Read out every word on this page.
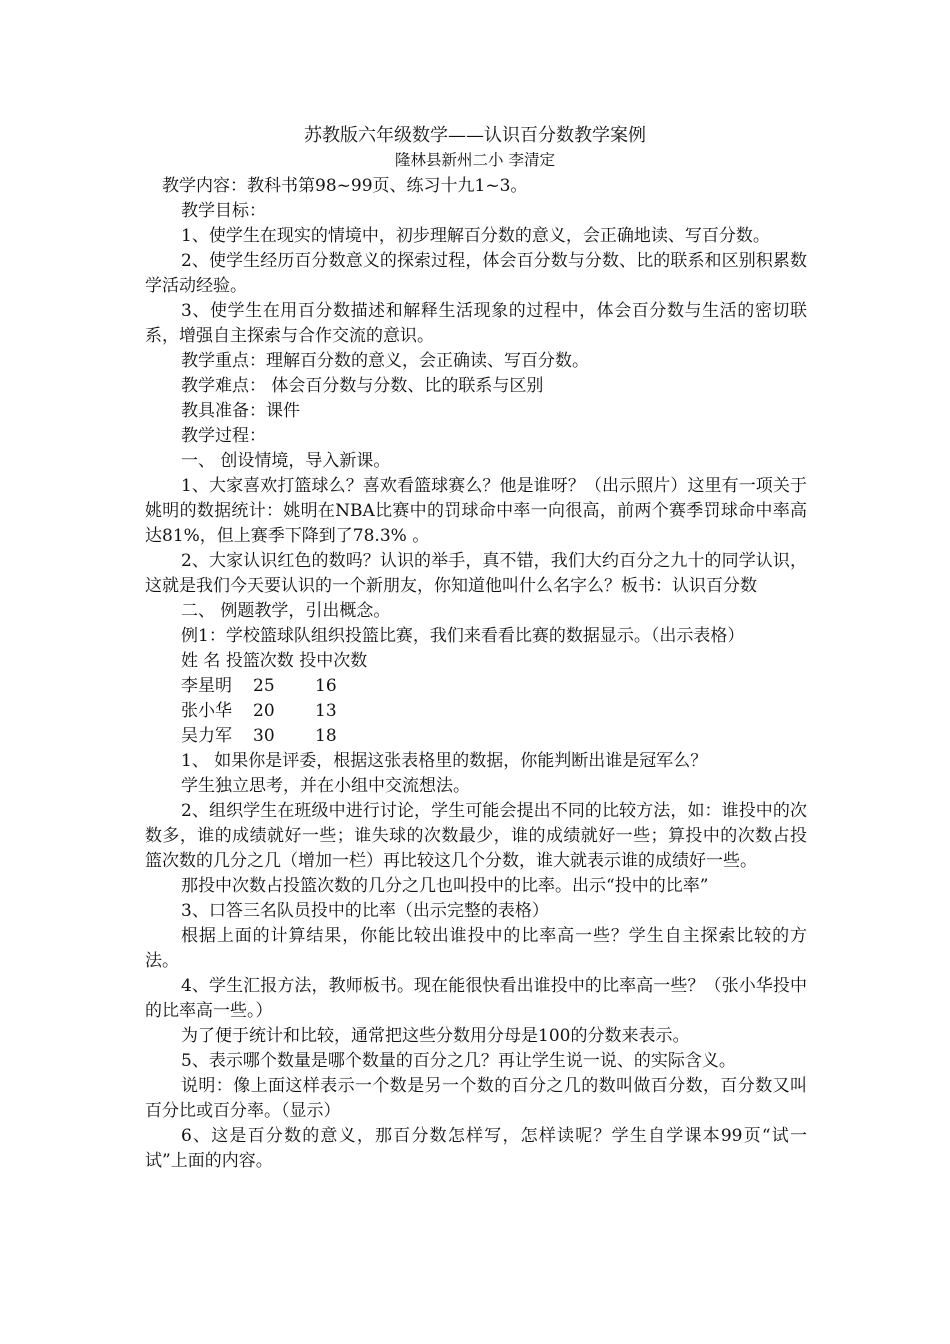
苏教版六年级数学——认识百分数教学案例
隆林县新州二小 李清定

教学内容：教科书第98~99页、练习十九1~3。

教学目标：

1、使学生在现实的情境中，初步理解百分数的意义，会正确地读、写百分数。

2、使学生经历百分数意义的探索过程，体会百分数与分数、比的联系和区别积累数学活动经验。

3、使学生在用百分数描述和解释生活现象的过程中，体会百分数与生活的密切联系，增强自主探索与合作交流的意识。

教学重点：理解百分数的意义，会正确读、写百分数。

教学难点： 体会百分数与分数、比的联系与区别

教具准备：课件

教学过程：

一、 创设情境，导入新课。

1、大家喜欢打篮球么？喜欢看篮球赛么？他是谁呀？（出示照片）这里有一项关于姚明的数据统计：姚明在NBA比赛中的罚球命中率一向很高，前两个赛季罚球命中率高达81%，但上赛季下降到了78.3% 。

2、大家认识红色的数吗？认识的举手，真不错，我们大约百分之九十的同学认识，这就是我们今天要认识的一个新朋友，你知道他叫什么名字么？板书：认识百分数

二、 例题教学，引出概念。

例1：学校篮球队组织投篮比赛，我们来看看比赛的数据显示。（出示表格）

姓 名 投篮次数 投中次数
李星明 25 16
张小华 20 13
吴力军 30 18

1、 如果你是评委，根据这张表格里的数据，你能判断出谁是冠军么？

学生独立思考，并在小组中交流想法。

2、组织学生在班级中进行讨论，学生可能会提出不同的比较方法，如：谁投中的次数多，谁的成绩就好一些；谁失球的次数最少，谁的成绩就好一些；算投中的次数占投篮次数的几分之几（增加一栏）再比较这几个分数，谁大就表示谁的成绩好一些。

那投中次数占投篮次数的几分之几也叫投中的比率。出示“投中的比率”

3、口答三名队员投中的比率（出示完整的表格）

根据上面的计算结果，你能比较出谁投中的比率高一些？学生自主探索比较的方法。

4、学生汇报方法，教师板书。现在能很快看出谁投中的比率高一些？（张小华投中的比率高一些。）

为了便于统计和比较，通常把这些分数用分母是100的分数来表示。

5、表示哪个数量是哪个数量的百分之几？再让学生说一说、的实际含义。

说明：像上面这样表示一个数是另一个数的百分之几的数叫做百分数，百分数又叫百分比或百分率。（显示）

6、这是百分数的意义，那百分数怎样写，怎样读呢？学生自学课本99页“试一试”上面的内容。
